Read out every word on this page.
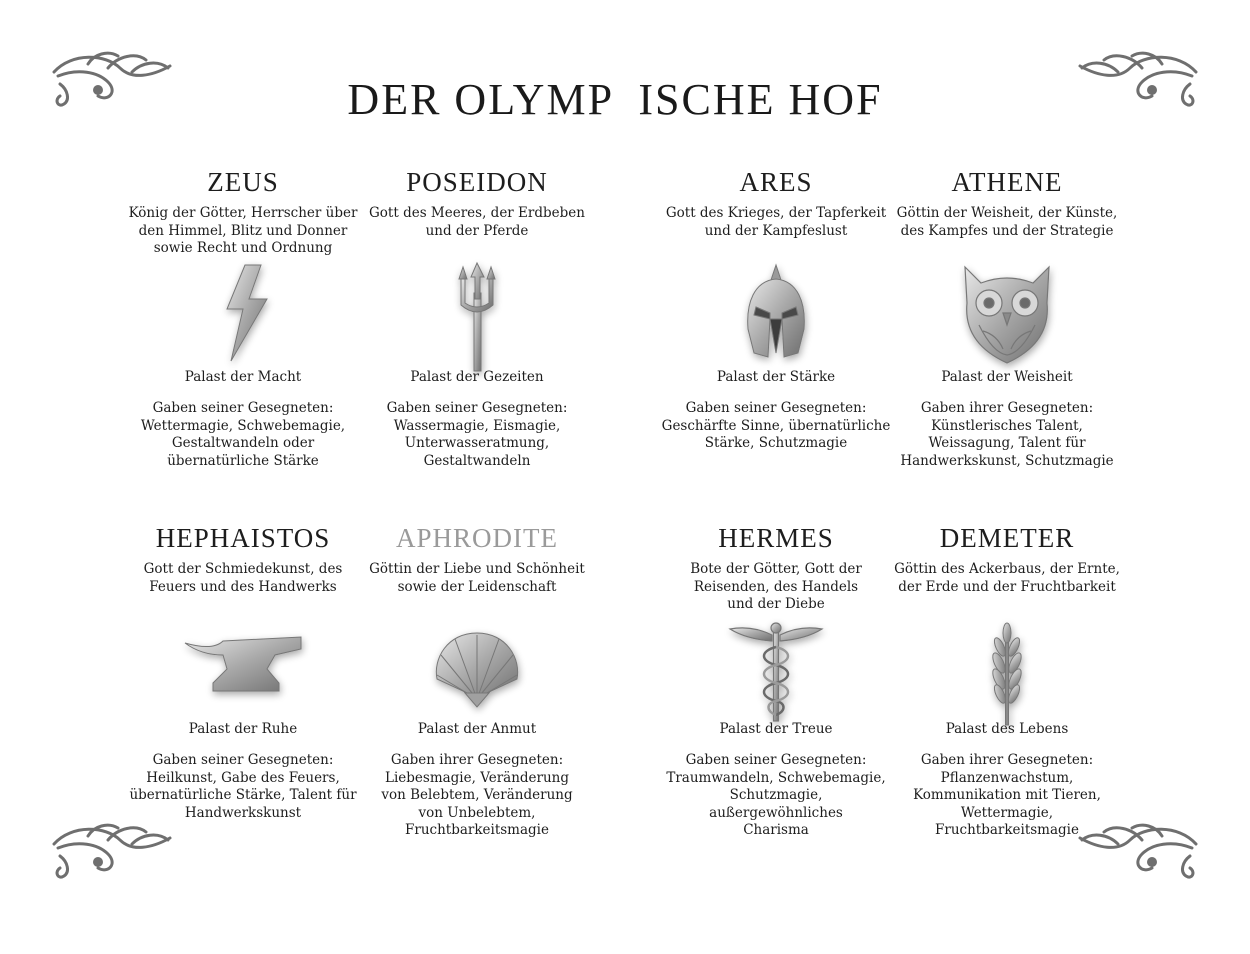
DER OLYMP  ISCHE HOF
ZEUS
König der Götter, Herrscher über
den Himmel, Blitz und Donner
sowie Recht und Ordnung
Palast der Macht
Gaben seiner Gesegneten:
Wettermagie, Schwebemagie,
Gestaltwandeln oder
übernatürliche Stärke
POSEIDON
Gott des Meeres, der Erdbeben
und der Pferde
Palast der Gezeiten
Gaben seiner Gesegneten:
Wassermagie, Eismagie,
Unterwasseratmung,
Gestaltwandeln
ARES
Gott des Krieges, der Tapferkeit
und der Kampfeslust
Palast der Stärke
Gaben seiner Gesegneten:
Geschärfte Sinne, übernatürliche
Stärke, Schutzmagie
ATHENE
Göttin der Weisheit, der Künste,
des Kampfes und der Strategie
Palast der Weisheit
Gaben ihrer Gesegneten:
Künstlerisches Talent,
Weissagung, Talent für
Handwerkskunst, Schutzmagie
HEPHAISTOS
Gott der Schmiedekunst, des
Feuers und des Handwerks
Palast der Ruhe
Gaben seiner Gesegneten:
Heilkunst, Gabe des Feuers,
übernatürliche Stärke, Talent für
Handwerkskunst
APHRODITE
Göttin der Liebe und Schönheit
sowie der Leidenschaft
Palast der Anmut
Gaben ihrer Gesegneten:
Liebesmagie, Veränderung
von Belebtem, Veränderung
von Unbelebtem,
Fruchtbarkeitsmagie
HERMES
Bote der Götter, Gott der
Reisenden, des Handels
und der Diebe
Palast der Treue
Gaben seiner Gesegneten:
Traumwandeln, Schwebemagie,
Schutzmagie, außergewöhnliches
Charisma
DEMETER
Göttin des Ackerbaus, der Ernte,
der Erde und der Fruchtbarkeit
Palast des Lebens
Gaben ihrer Gesegneten:
Pflanzenwachstum,
Kommunikation mit Tieren,
Wettermagie,
Fruchtbarkeitsmagie
